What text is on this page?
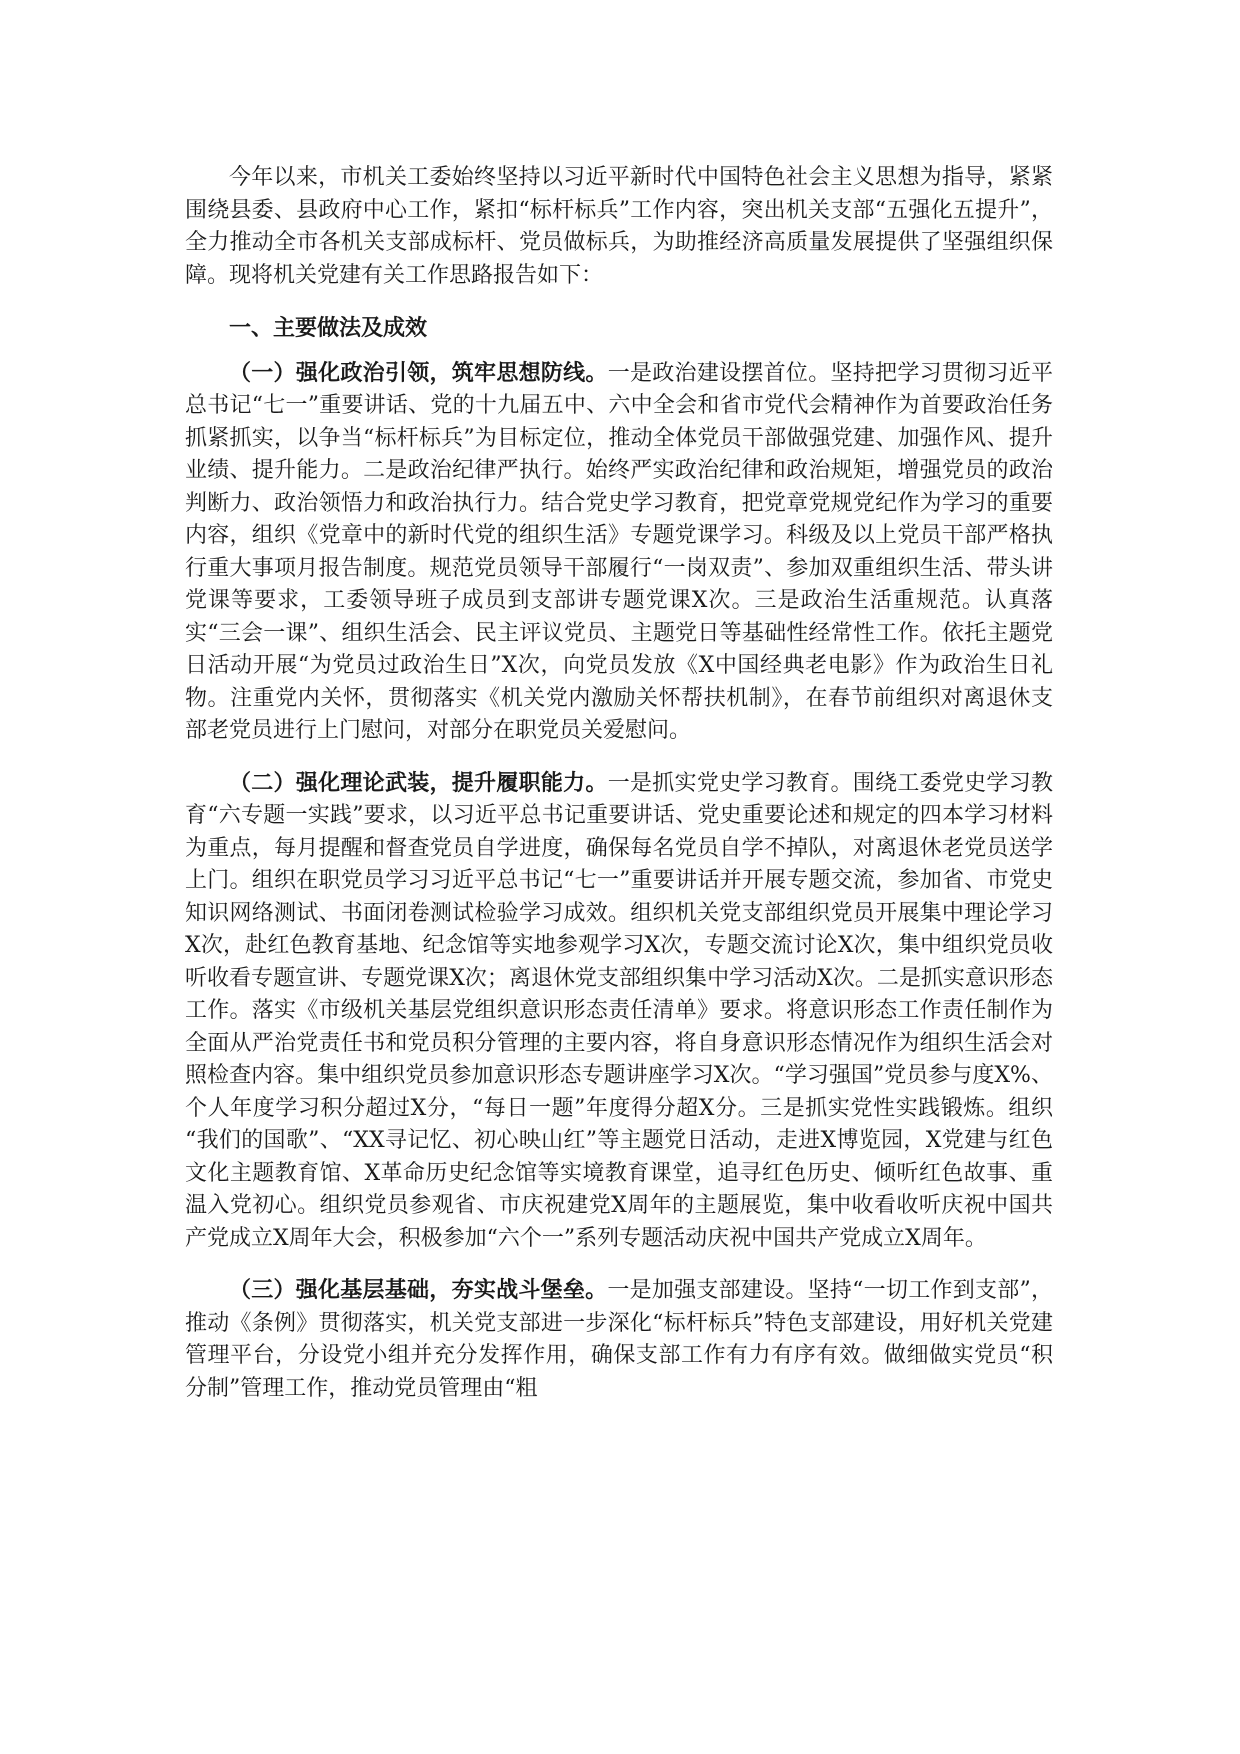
今年以来，市机关工委始终坚持以习近平新时代中国特色社会主义思想为指导，紧紧围绕县委、县政府中心工作，紧扣“标杆标兵”工作内容，突出机关支部“五强化五提升”，全力推动全市各机关支部成标杆、党员做标兵，为助推经济高质量发展提供了坚强组织保障。现将机关党建有关工作思路报告如下：

一、主要做法及成效

（一）强化政治引领，筑牢思想防线。一是政治建设摆首位。坚持把学习贯彻习近平总书记“七一”重要讲话、党的十九届五中、六中全会和省市党代会精神作为首要政治任务抓紧抓实，以争当“标杆标兵”为目标定位，推动全体党员干部做强党建、加强作风、提升业绩、提升能力。二是政治纪律严执行。始终严实政治纪律和政治规矩，增强党员的政治判断力、政治领悟力和政治执行力。结合党史学习教育，把党章党规党纪作为学习的重要内容，组织《党章中的新时代党的组织生活》专题党课学习。科级及以上党员干部严格执行重大事项月报告制度。规范党员领导干部履行“一岗双责”、参加双重组织生活、带头讲党课等要求，工委领导班子成员到支部讲专题党课X次。三是政治生活重规范。认真落实“三会一课”、组织生活会、民主评议党员、主题党日等基础性经常性工作。依托主题党日活动开展“为党员过政治生日”X次，向党员发放《X中国经典老电影》作为政治生日礼物。注重党内关怀，贯彻落实《机关党内激励关怀帮扶机制》，在春节前组织对离退休支部老党员进行上门慰问，对部分在职党员关爱慰问。

（二）强化理论武装，提升履职能力。一是抓实党史学习教育。围绕工委党史学习教育“六专题一实践”要求，以习近平总书记重要讲话、党史重要论述和规定的四本学习材料为重点，每月提醒和督查党员自学进度，确保每名党员自学不掉队，对离退休老党员送学上门。组织在职党员学习习近平总书记“七一”重要讲话并开展专题交流，参加省、市党史知识网络测试、书面闭卷测试检验学习成效。组织机关党支部组织党员开展集中理论学习X次，赴红色教育基地、纪念馆等实地参观学习X次，专题交流讨论X次，集中组织党员收听收看专题宣讲、专题党课X次；离退休党支部组织集中学习活动X次。二是抓实意识形态工作。落实《市级机关基层党组织意识形态责任清单》要求。将意识形态工作责任制作为全面从严治党责任书和党员积分管理的主要内容，将自身意识形态情况作为组织生活会对照检查内容。集中组织党员参加意识形态专题讲座学习X次。“学习强国”党员参与度X%、个人年度学习积分超过X分，“每日一题”年度得分超X分。三是抓实党性实践锻炼。组织 “我们的国歌”、“XX寻记忆、初心映山红”等主题党日活动，走进X博览园，X党建与红色文化主题教育馆、X革命历史纪念馆等实境教育课堂，追寻红色历史、倾听红色故事、重温入党初心。组织党员参观省、市庆祝建党X周年的主题展览，集中收看收听庆祝中国共产党成立X周年大会，积极参加“六个一”系列专题活动庆祝中国共产党成立X周年。

（三）强化基层基础，夯实战斗堡垒。一是加强支部建设。坚持“一切工作到支部”，推动《条例》贯彻落实，机关党支部进一步深化“标杆标兵”特色支部建设，用好机关党建管理平台，分设党小组并充分发挥作用，确保支部工作有力有序有效。做细做实党员“积分制”管理工作，推动党员管理由“粗
